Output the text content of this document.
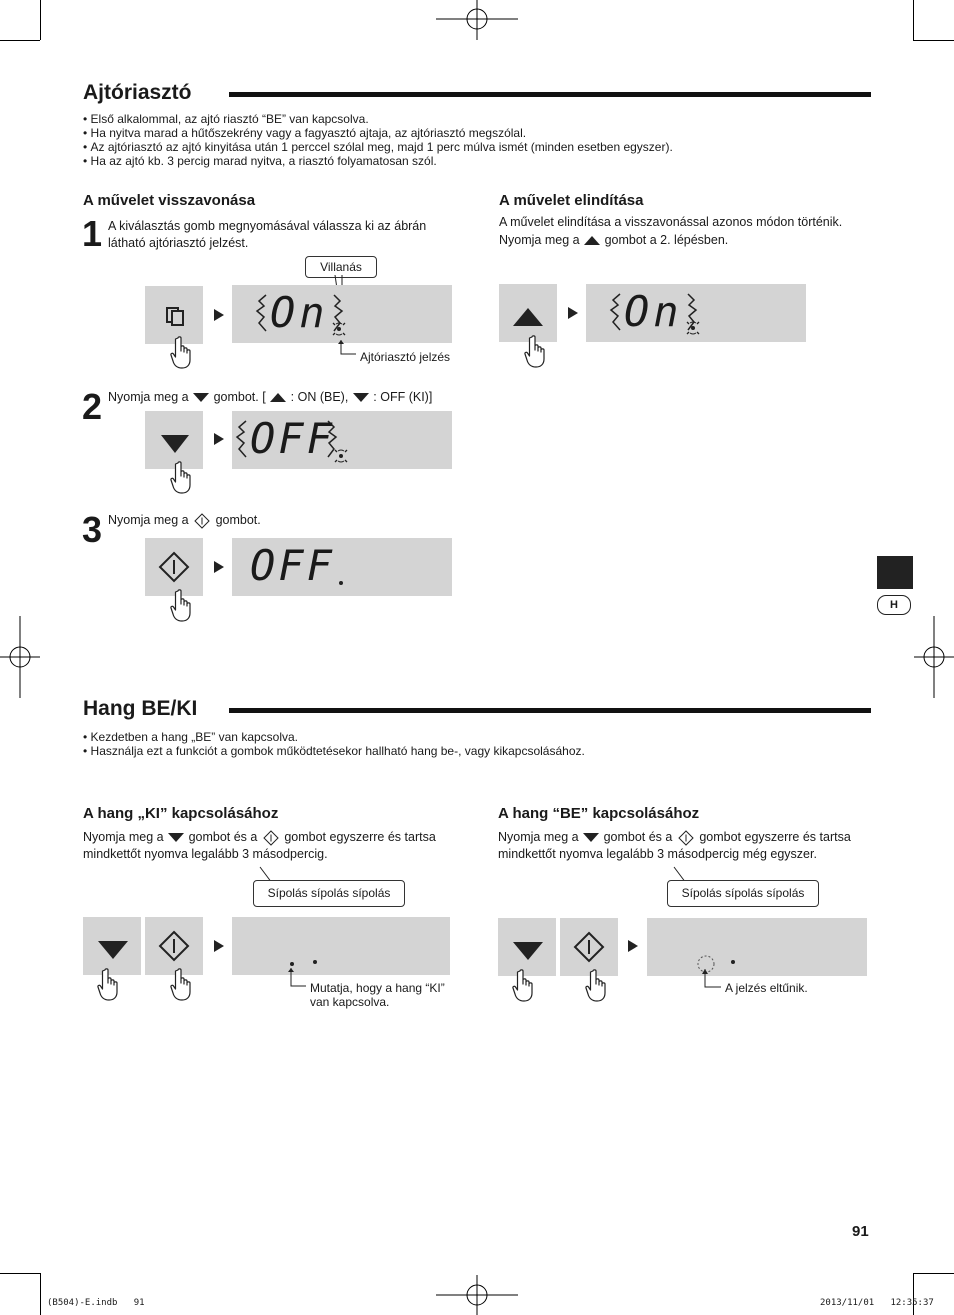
Ajtóriasztó
• Első alkalommal, az ajtó riasztó “BE” van kapcsolva.
• Ha nyitva marad a hűtőszekrény vagy a fagyasztó ajtaja, az ajtóriasztó megszólal.
• Az ajtóriasztó az ajtó kinyitása után 1 perccel szólal meg, majd 1 perc múlva ismét (minden esetben egyszer).
• Ha az ajtó kb. 3 percig marad nyitva, a riasztó folyamatosan szól.
A művelet visszavonása
1 A kiválasztás gomb megnyomásával válassza ki az ábrán látható ajtóriasztó jelzést.
Villanás
On
Ajtóriasztó jelzés
2 Nyomja meg a gombot. [ : ON (BE), : OFF (KI)]
OFF
3 Nyomja meg a gombot.
OFF
A művelet elindítása
A művelet elindítása a visszavonással azonos módon történik.
Nyomja meg a gombot a 2. lépésben.
On
H
Hang BE/KI
• Kezdetben a hang „BE” van kapcsolva.
• Használja ezt a funkciót a gombok működtetésekor hallható hang be-, vagy kikapcsolásához.
A hang „KI” kapcsolásához
Nyomja meg a gombot és a gombot egyszerre és tartsa
mindkettőt nyomva legalább 3 másodpercig.
Sípolás sípolás sípolás
Mutatja, hogy a hang “KI”
van kapcsolva.
A hang “BE” kapcsolásához
Nyomja meg a gombot és a gombot egyszerre és tartsa
mindkettőt nyomva legalább 3 másodpercig még egyszer.
Sípolás sípolás sípolás
A jelzés eltűnik.
91
(B504)-E.indb   91	2013/11/01   12:35:37
